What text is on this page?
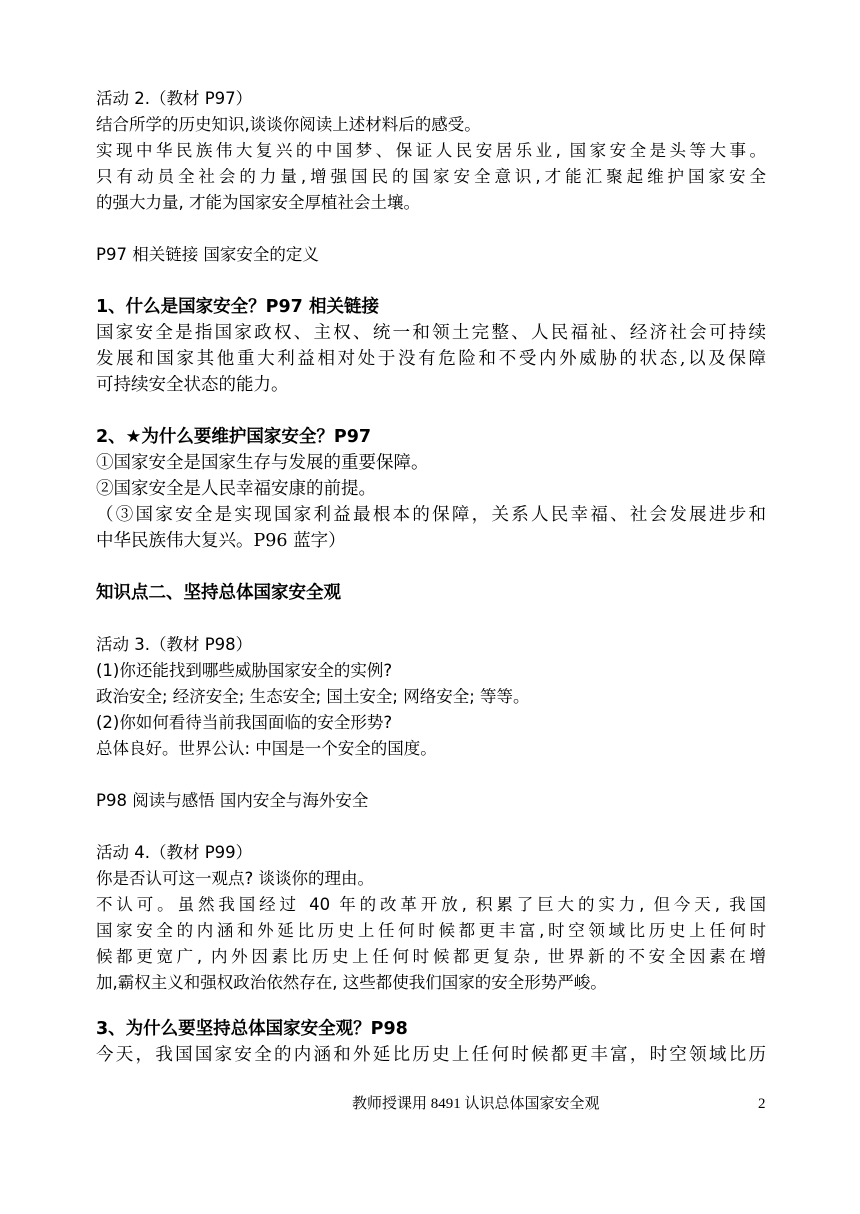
活动 2.（教材 P97）
结合所学的历史知识,谈谈你阅读上述材料后的感受。
实现中华民族伟大复兴的中国梦、保证人民安居乐业, 国家安全是头等大事。
只有动员全社会的力量,增强国民的国家安全意识,才能汇聚起维护国家安全
的强大力量, 才能为国家安全厚植社会土壤。
P97 相关链接 国家安全的定义
1、什么是国家安全？P97 相关链接
国家安全是指国家政权、主权、统一和领土完整、人民福祉、经济社会可持续
发展和国家其他重大利益相对处于没有危险和不受内外威胁的状态,以及保障
可持续安全状态的能力。
2、★为什么要维护国家安全？P97
①国家安全是国家生存与发展的重要保障。
②国家安全是人民幸福安康的前提。
（③国家安全是实现国家利益最根本的保障，关系人民幸福、社会发展进步和
中华民族伟大复兴。P96 蓝字）
知识点二、坚持总体国家安全观
活动 3.（教材 P98）
(1)你还能找到哪些威胁国家安全的实例?
政治安全; 经济安全; 生态安全; 国土安全; 网络安全; 等等。
(2)你如何看待当前我国面临的安全形势?
总体良好。世界公认: 中国是一个安全的国度。
P98 阅读与感悟 国内安全与海外安全
活动 4.（教材 P99）
你是否认可这一观点? 谈谈你的理由。
不认可。虽然我国经过 40 年的改革开放, 积累了巨大的实力, 但今天, 我国
国家安全的内涵和外延比历史上任何时候都更丰富,时空领域比历史上任何时
候都更宽广, 内外因素比历史上任何时候都更复杂, 世界新的不安全因素在增
加,霸权主义和强权政治依然存在, 这些都使我们国家的安全形势严峻。
3、为什么要坚持总体国家安全观？P98
今天，我国国家安全的内涵和外延比历史上任何时候都更丰富，时空领域比历
教师授课用 8491 认识总体国家安全观	2
